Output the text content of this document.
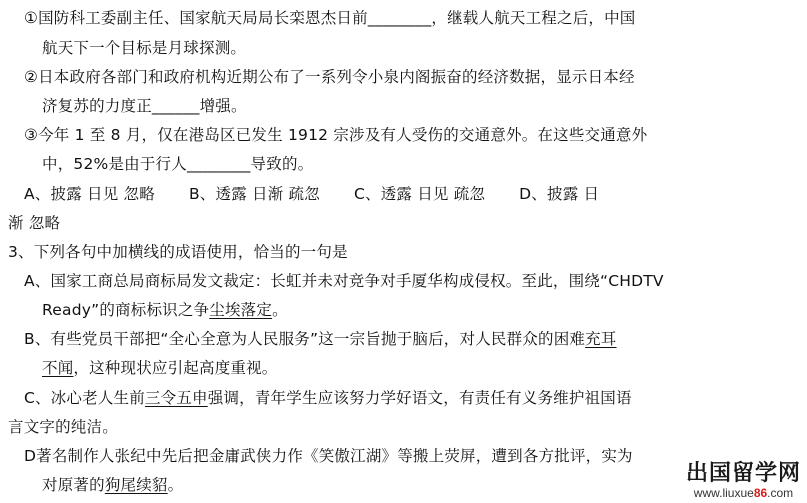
①国防科工委副主任、国家航天局局长栾恩杰日前________，继载人航天工程之后，中国
航天下一个目标是月球探测。
②日本政府各部门和政府机构近期公布了一系列令小泉内阁振奋的经济数据，显示日本经
济复苏的力度正______增强。
③今年 1 至 8 月，仅在港岛区已发生 1912 宗涉及有人受伤的交通意外。在这些交通意外
中，52%是由于行人________导致的。
A、披露 日见 忽略 B、透露 日渐 疏忽 C、透露 日见 疏忽 D、披露 日
渐 忽略
3、下列各句中加横线的成语使用，恰当的一句是
A、国家工商总局商标局发文裁定：长虹并未对竞争对手厦华构成侵权。至此，围绕“CHDTV
Ready”的商标标识之争尘埃落定。
B、有些党员干部把“全心全意为人民服务”这一宗旨抛于脑后，对人民群众的困难充耳
不闻，这种现状应引起高度重视。
C、冰心老人生前三令五申强调，青年学生应该努力学好语文，有责任有义务维护祖国语
言文字的纯洁。
D著名制作人张纪中先后把金庸武侠力作《笑傲江湖》等搬上荧屏，遭到各方批评，实为
对原著的狗尾续貂。	出国留学网
www.liuxue86.com
